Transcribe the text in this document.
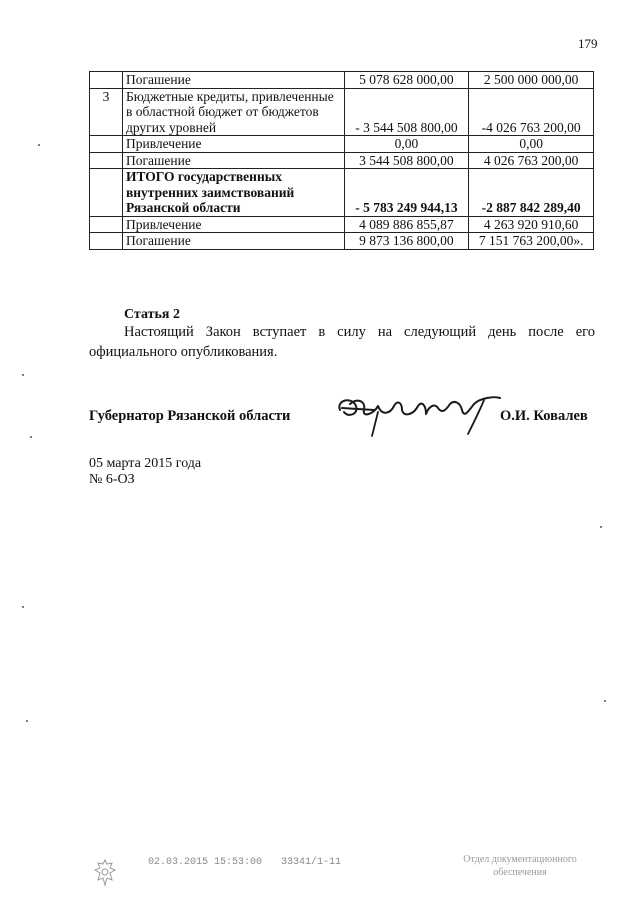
179
	Погашение	5 078 628 000,00	2 500 000 000,00
3	Бюджетные кредиты, привлеченные в областной бюджет от бюджетов других уровней	- 3 544 508 800,00	-4 026 763 200,00
	Привлечение	0,00	0,00
	Погашение	3 544 508 800,00	4 026 763 200,00
	ИТОГО государственных внутренних заимствований Рязанской области	- 5 783 249 944,13	-2 887 842 289,40
	Привлечение	4 089 886 855,87	4 263 920 910,60
	Погашение	9 873 136 800,00	7 151 763 200,00».
Статья 2
Настоящий Закон вступает в силу на следующий день после его официального опубликования.
Губернатор Рязанской области	О.И. Ковалев
05 марта 2015 года
№ 6-ОЗ
02.03.2015 15:53:00 33341/1-11	Отдел документационного обеспечения
